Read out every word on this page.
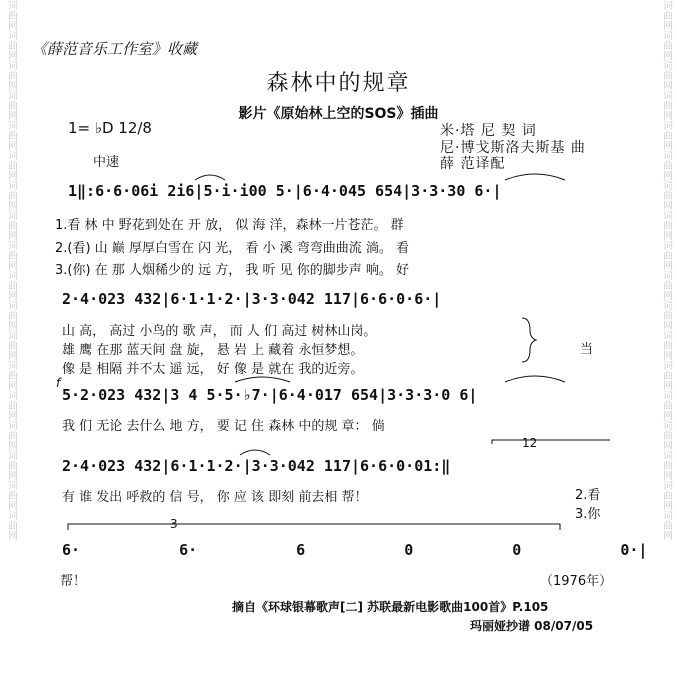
词曲网
词曲网
词曲网
词曲网
词曲网
词曲网
词曲网
词曲网
词曲网
词曲网
词曲网
词曲网
词曲网
词曲网
词曲网
词曲网
词曲网
词曲网
词曲网
词曲网
词曲网
词曲网
词曲网
词曲网
词曲网
词曲网
词曲网
词曲网
词曲网
词曲网
词曲网
词曲网
词曲网
词曲网
词曲网
词曲网
《薛范音乐工作室》收藏
森林中的规章
影片《原始林上空的SOS》插曲
1= ♭D 12/8
中速
米·塔 尼 契 词
尼·博戈斯洛夫斯基 曲
薛 范译配
1‖:6·6·06i 2i6|5·i·i00 5·|6·4·045 654|3·3·30 6·|
1.看 林 中 野花到处在 开 放， 似 海 洋，森林一片苍茫。 群
2.(看) 山 巅 厚厚白雪在 闪 光， 看 小 溪 弯弯曲曲流 淌。 看
3.(你) 在 那 人烟稀少的 远 方， 我 听 见 你的脚步声 响。 好
2·4·023 432|6·1·1·2·|3·3·042 117|6·6·0·6·|
山 高， 高过 小鸟的 歌 声， 而 人 们 高过 树林山岗。
雄 鹰 在那 蓝天间 盘 旋， 悬 岩 上 藏着 永恒梦想。
像 是 相隔 并不太 遥 远， 好 像 是 就在 我的近旁。
当
f
5·2·023 432|3 4 5·5·♭7·|6·4·017 654|3·3·3·0 6|
我 们 无论 去什么 地 方， 要 记 住 森林 中的规 章： 倘
12
2·4·023 432|6·1·1·2·|3·3·042 117|6·6·0·01:‖
有 谁 发出 呼救的 信 号， 你 应 该 即刻 前去相 帮！	2.看
3.你
3
6· 6· 6 0 0 0·|
帮！	（1976年）
摘自《环球银幕歌声[二] 苏联最新电影歌曲100首》P.105
玛丽娅抄谱 08/07/05
